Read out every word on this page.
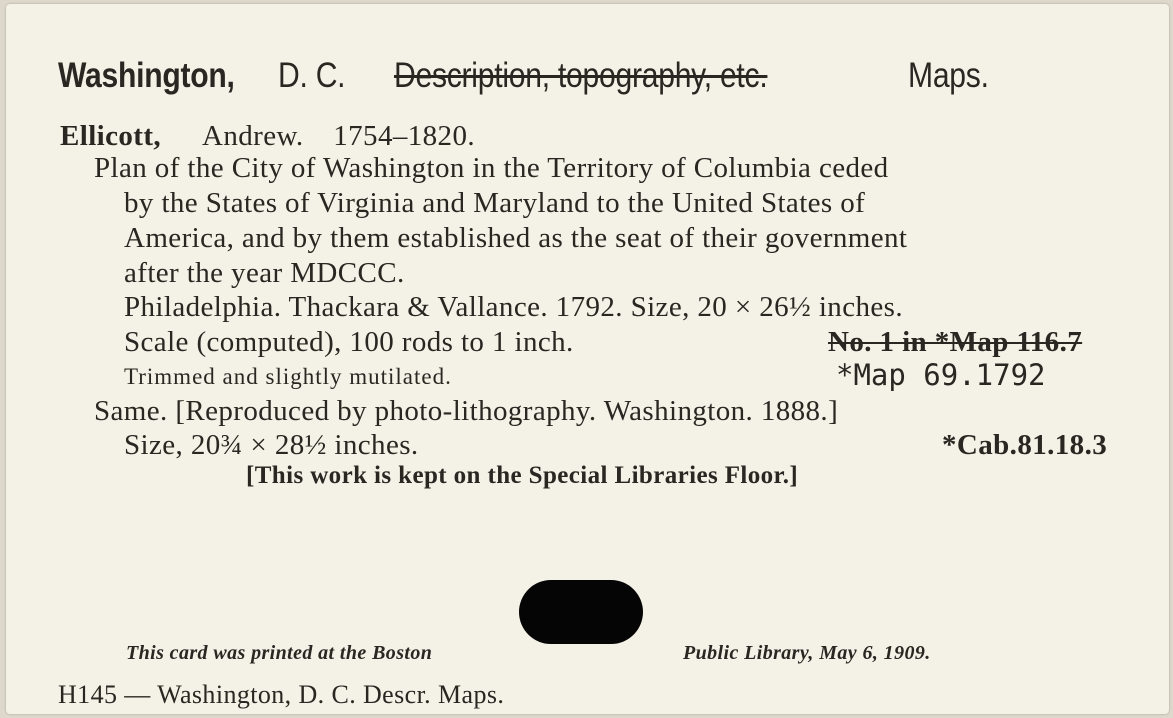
Washington, D. C. Description, topography, etc.	Maps.
Ellicott, Andrew. 1754–1820.
Plan of the City of Washington in the Territory of Columbia ceded
by the States of Virginia and Maryland to the United States of
America, and by them established as the seat of their government
after the year MDCCC.
Philadelphia. Thackara & Vallance. 1792. Size, 20 × 26½ inches.
Scale (computed), 100 rods to 1 inch.	No. 1 in *Map 116.7
Trimmed and slightly mutilated.	*Map 69.1792
Same. [Reproduced by photo-lithography. Washington. 1888.]
Size, 20¾ × 28½ inches.	*Cab.81.18.3
[This work is kept on the Special Libraries Floor.]
This card was printed at the Boston	Public Library, May 6, 1909.
H145 — Washington, D. C. Descr. Maps.
